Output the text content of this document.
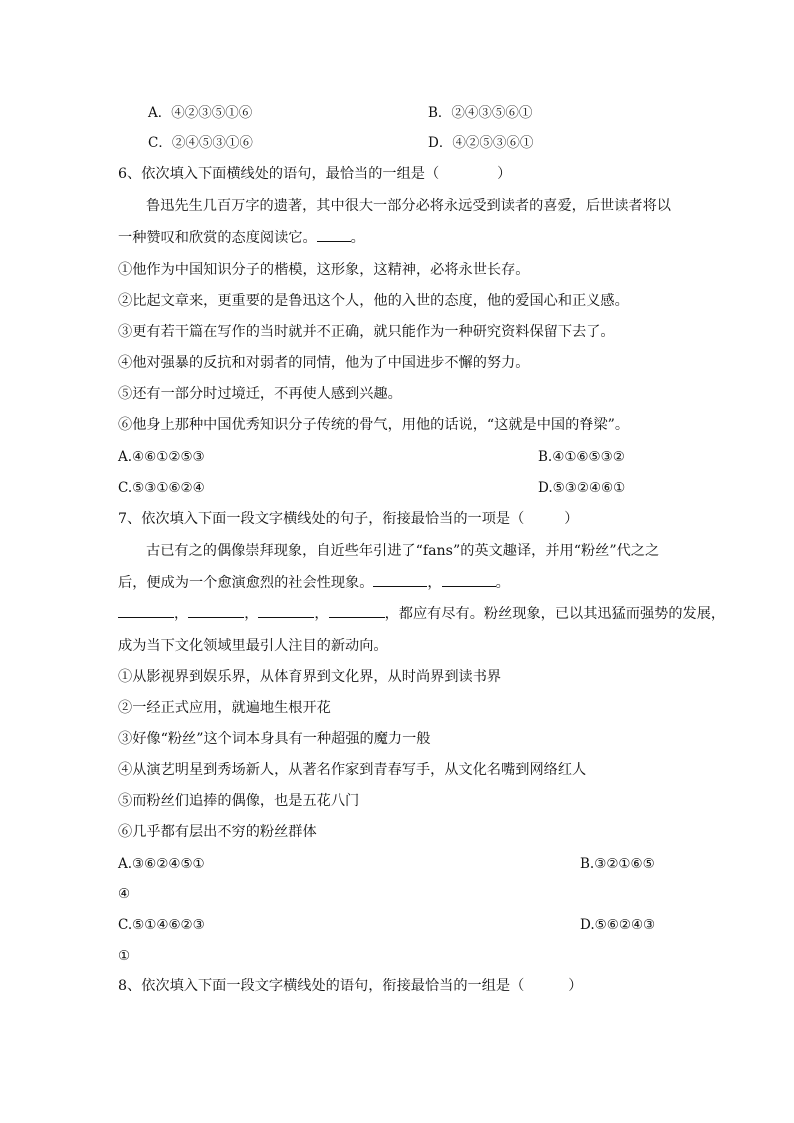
A．④②③⑤①⑥	B．②④③⑤⑥①
C．②④⑤③①⑥	D．④②⑤③⑥①
6、依次填入下面横线处的语句，最恰当的一组是（	）
鲁迅先生几百万字的遗著，其中很大一部分必将永远受到读者的喜爱，后世读者将以
一种赞叹和欣赏的态度阅读它。 。
①他作为中国知识分子的楷模，这形象，这精神，必将永世长存。
②比起文章来，更重要的是鲁迅这个人，他的入世的态度，他的爱国心和正义感。
③更有若干篇在写作的当时就并不正确，就只能作为一种研究资料保留下去了。
④他对强暴的反抗和对弱者的同情，他为了中国进步不懈的努力。
⑤还有一部分时过境迁，不再使人感到兴趣。
⑥他身上那种中国优秀知识分子传统的骨气，用他的话说，“这就是中国的脊梁”。
A.④⑥①②⑤③	B.④①⑥⑤③②
C.⑤③①⑥②④	D.⑤③②④⑥①
7、依次填入下面一段文字横线处的句子，衔接最恰当的一项是（	）
古已有之的偶像崇拜现象，自近些年引进了“fans”的英文趣译，并用“粉丝”代之之
后，便成为一个愈演愈烈的社会性现象。	，	。
，	，	，	，都应有尽有。粉丝现象，已以其迅猛而强势的发展，
成为当下文化领域里最引人注目的新动向。
①从影视界到娱乐界，从体育界到文化界，从时尚界到读书界
②一经正式应用，就遍地生根开花
③好像“粉丝”这个词本身具有一种超强的魔力一般
④从演艺明星到秀场新人，从著名作家到青春写手，从文化名嘴到网络红人
⑤而粉丝们追捧的偶像，也是五花八门
⑥几乎都有层出不穷的粉丝群体
A.③⑥②④⑤①	B.③②①⑥⑤
④
C.⑤①④⑥②③	D.⑤⑥②④③
①
8、依次填入下面一段文字横线处的语句，衔接最恰当的一组是（	）
